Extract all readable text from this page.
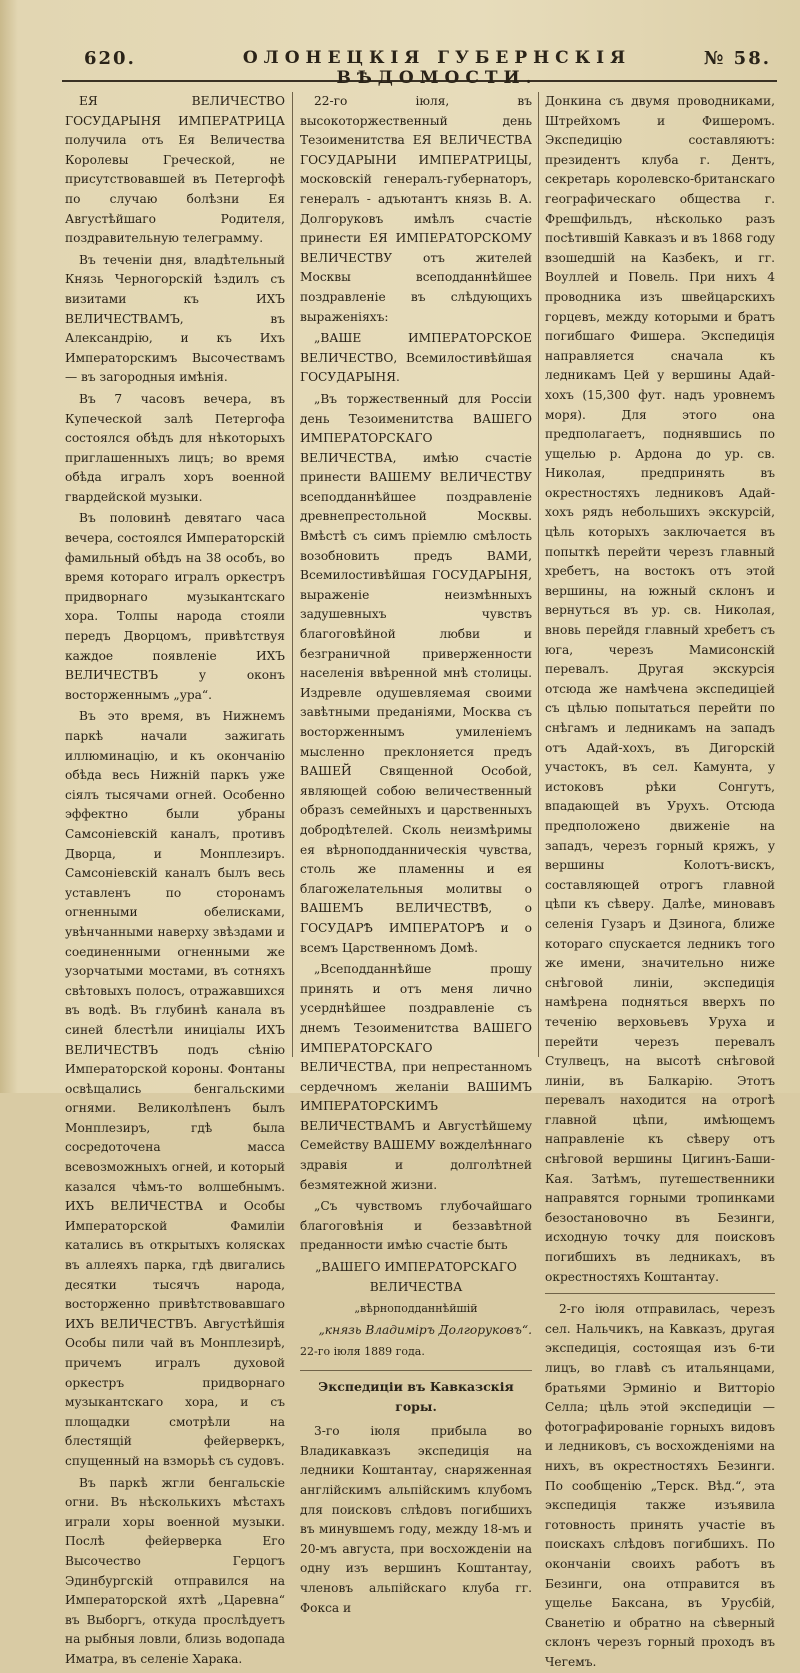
620.	ОЛОНЕЦКІЯ ГУБЕРНСКІЯ ВѢДОМОСТИ.
№ 58.

ЕЯ ВЕЛИЧЕСТВО ГОСУДАРЫНЯ ИМПЕРАТРИЦА получила отъ Ея Величества Королевы Греческой, не присутствовавшей въ Петергофѣ по случаю болѣзни Ея Августѣйшаго Родителя, поздравительную телеграмму.

Въ теченіи дня, владѣтельный Князь Черногорскій ѣздилъ съ визитами къ ИХЪ ВЕЛИЧЕСТВАМЪ, въ Александрію, и къ Ихъ Императорскимъ Высочествамъ — въ загородныя имѣнія.

Въ 7 часовъ вечера, въ Купеческой залѣ Петергофа состоялся обѣдъ для нѣкоторыхъ приглашенныхъ лицъ; во время обѣда игралъ хоръ военной гвардейской музыки.

Въ половинѣ девятаго часа вечера, состоялся Императорскій фамильный обѣдъ на 38 особъ, во время котораго игралъ оркестръ придворнаго музыкантскаго хора. Толпы народа стояли передъ Дворцомъ, привѣтствуя каждое появленіе ИХЪ ВЕЛИЧЕСТВЪ у оконъ восторженнымъ „ура“.

Въ это время, въ Нижнемъ паркѣ начали зажигать иллюминацію, и къ окончанію обѣда весь Нижній паркъ уже сіялъ тысячами огней. Особенно эффектно были убраны Самсоніевскій каналъ, противъ Дворца, и Монплезиръ. Самсоніевскій каналъ былъ весь уставленъ по сторонамъ огненными обелисками, увѣнчанными наверху звѣздами и соединенными огненными же узорчатыми мостами, въ сотняхъ свѣтовыхъ полосъ, отражавшихся въ водѣ. Въ глубинѣ канала въ синей блестѣли иниціалы ИХЪ ВЕЛИЧЕСТВЪ подъ сѣнію Императорской короны. Фонтаны освѣщались бенгальскими огнями. Великолѣпенъ былъ Монплезиръ, гдѣ была сосредоточена масса всевозможныхъ огней, и который казался чѣмъ-то волшебнымъ. ИХЪ ВЕЛИЧЕСТВА и Особы Императорской Фамиліи катались въ открытыхъ колясках въ аллеяхъ парка, гдѣ двигались десятки тысячъ народа, восторженно привѣтствовавшаго ИХЪ ВЕЛИЧЕСТВЪ. Августѣйшія Особы пили чай въ Монплезирѣ, причемъ игралъ духовой оркестръ придворнаго музыкантскаго хора, и съ площадки смотрѣли на блестящій фейерверкъ, спущенный на взморьѣ съ судовъ.

Въ паркѣ жгли бенгальскіе огни. Въ нѣсколькихъ мѣстахъ играли хоры военной музыки. Послѣ фейерверка Его Высочество Герцогъ Эдинбургскій отправился на Императорской яхтѣ „Царевна“ въ Выборгъ, откуда прослѣдуетъ на рыбныя ловли, близь водопада Иматра, въ селеніе Харака.

22-го іюля, въ высокоторжественный день Тезоименитства ЕЯ ВЕЛИЧЕСТВА ГОСУДАРЫНИ ИМПЕРАТРИЦЫ, московскій генералъ-губернаторъ, генералъ - адъютантъ князь В. А. Долгоруковъ имѣлъ счастіе принести ЕЯ ИМПЕРАТОРСКОМУ ВЕЛИЧЕСТВУ отъ жителей Москвы всеподданнѣйшее поздравленіе въ слѣдующихъ выраженіяхъ:

„ВАШЕ ИМПЕРАТОРСКОЕ ВЕЛИЧЕСТВО, Всемилостивѣйшая ГОСУДАРЫНЯ.

„Въ торжественный для Россіи день Тезоименитства ВАШЕГО ИМПЕРАТОРСКАГО ВЕЛИЧЕСТВА, имѣю счастіе принести ВАШЕМУ ВЕЛИЧЕСТВУ всеподданнѣйшее поздравленіе древнепрестольной Москвы. Вмѣстѣ съ симъ пріемлю смѣлость возобновить предъ ВАМИ, Всемилостивѣйшая ГОСУДАРЫНЯ, выраженіе неизмѣнныхъ задушевныхъ чувствъ благоговѣйной любви и безграничной приверженности населенія ввѣренной мнѣ столицы. Издревле одушевляемая своими завѣтными преданіями, Москва съ восторженнымъ умиленіемъ мысленно преклоняется предъ ВАШЕЙ Священной Особой, являющей собою величественный образъ семейныхъ и царственныхъ добродѣтелей. Сколь неизмѣримы ея вѣрноподданническія чувства, столь же пламенны и ея благожелательныя молитвы о ВАШЕМЪ ВЕЛИЧЕСТВѢ, о ГОСУДАРѢ ИМПЕРАТОРѢ и о всемъ Царственномъ Домѣ.

„Всеподданнѣйше прошу принять и отъ меня лично усерднѣйшее поздравленіе съ днемъ Тезоименитства ВАШЕГО ИМПЕРАТОРСКАГО ВЕЛИЧЕСТВА, при непрестанномъ сердечномъ желаніи ВАШИМЪ ИМПЕРАТОРСКИМЪ ВЕЛИЧЕСТВАМЪ и Августѣйшему Семейству ВАШЕМУ вожделѣннаго здравія и долголѣтней безмятежной жизни.

„Съ чувствомъ глубочайшаго благоговѣнія и беззавѣтной преданности имѣю счастіе быть

„ВАШЕГО ИМПЕРАТОРСКАГО ВЕЛИЧЕСТВА

„вѣрноподданнѣйшій

„князь Владиміръ Долгоруковъ“.

22-го іюля 1889 года.

Экспедиціи въ Кавказскія горы.

3-го іюля прибыла во Владикавказъ экспедиція на ледники Коштантау, снаряженная англійскимъ альпійскимъ клубомъ для поисковъ слѣдовъ погибшихъ въ минувшемъ году, между 18-мъ и 20-мъ августа, при восхожденіи на одну изъ вершинъ Коштантау, членовъ альпійскаго клуба гг. Фокса и

Донкина съ двумя проводниками, Штрейхомъ и Фишеромъ. Экспедицію составляютъ: президентъ клуба г. Дентъ, секретарь королевско-британскаго географическаго общества г. Фрешфильдъ, нѣсколько разъ посѣтившій Кавказъ и въ 1868 году взошедшій на Казбекъ, и гг. Воуллей и Повель. При нихъ 4 проводника изъ швейцарскихъ горцевъ, между которыми и братъ погибшаго Фишера. Экспедиція направляется сначала къ ледникамъ Цей у вершины Адай-хохъ (15,300 фут. надъ уровнемъ моря). Для этого она предполагаетъ, поднявшись по ущелью р. Ардона до ур. св. Николая, предпринять въ окрестностяхъ ледниковъ Адай-хохъ рядъ небольшихъ экскурсій, цѣль которыхъ заключается въ попыткѣ перейти черезъ главный хребетъ, на востокъ отъ этой вершины, на южный склонъ и вернуться въ ур. св. Николая, вновь перейдя главный хребетъ съ юга, черезъ Мамисонскій перевалъ. Другая экскурсія отсюда же намѣчена экспедиціей съ цѣлью попытаться перейти по снѣгамъ и ледникамъ на западъ отъ Адай-хохъ, въ Дигорскій участокъ, въ сел. Камунта, у истоковъ рѣки Сонгутъ, впадающей въ Урухъ. Отсюда предположено движеніе на западъ, черезъ горный кряжъ, у вершины Колотъ-вискъ, составляющей отрогъ главной цѣпи къ сѣверу. Далѣе, миновавъ селенія Гузаръ и Дзинога, ближе котораго спускается ледникъ того же имени, значительно ниже снѣговой линіи, экспедиція намѣрена подняться вверхъ по теченію верховьевъ Уруха и перейти черезъ перевалъ Стулвецъ, на высотѣ снѣговой линіи, въ Балкарію. Этотъ перевалъ находится на отрогѣ главной цѣпи, имѣющемъ направленіе къ сѣверу отъ снѣговой вершины Цигинъ-Баши-Кая. Затѣмъ, путешественники направятся горными тропинками безостановочно въ Безинги, исходную точку для поисковъ погибшихъ въ ледникахъ, въ окрестностяхъ Коштантау.

2-го іюля отправилась, черезъ сел. Нальчикъ, на Кавказъ, другая экспедиція, состоящая изъ 6-ти лицъ, во главѣ съ итальянцами, братьями Эрминіо и Витторіо Селла; цѣль этой экспедиціи — фотографированіе горныхъ видовъ и ледниковъ, съ восхожденіями на нихъ, въ окрестностяхъ Безинги. По сообщенію „Терск. Вѣд.“, эта экспедиція также изъявила готовность принять участіе въ поискахъ слѣдовъ погибшихъ. По окончаніи своихъ работъ въ Безинги, она отправится въ ущелье Баксана, въ Урусбій, Сванетію и обратно на сѣверный склонъ черезъ горный проходъ въ Чегемъ.
